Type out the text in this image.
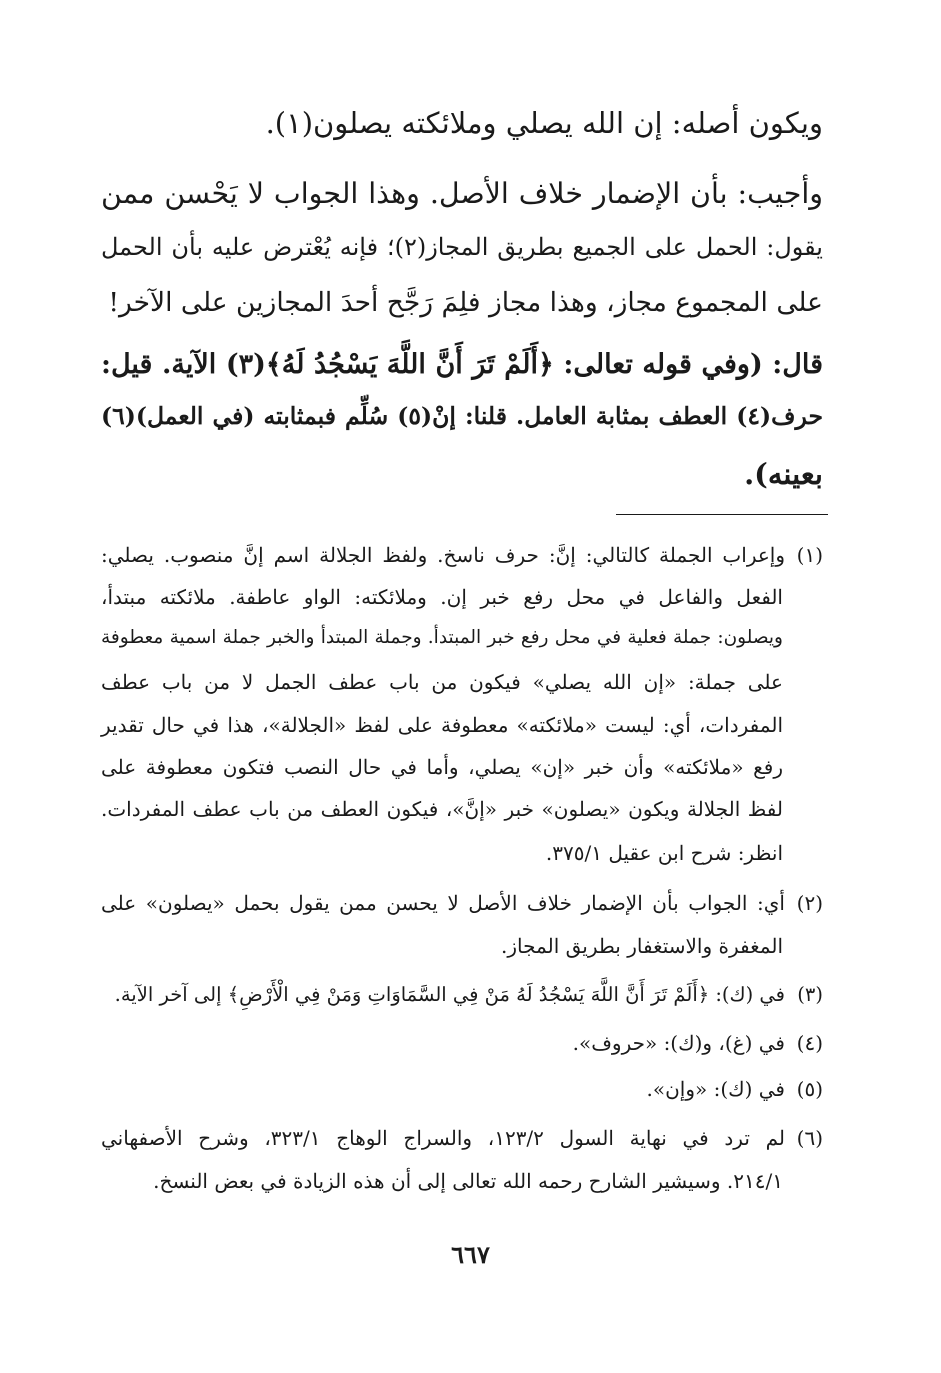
ويكون أصله: إن الله يصلي وملائكته يصلون(١).

وأجيب: بأن الإضمار خلاف الأصل. وهذا الجواب لا يَحْسن ممن

يقول: الحمل على الجميع بطريق المجاز(٢)؛ فإنه يُعْترض عليه بأن الحمل

على المجموع مجاز، وهذا مجاز فلِمَ رَجَّح أحدَ المجازين على الآخر!

قال: (وفي قوله تعالى: ﴿أَلَمْ تَرَ أَنَّ اللَّهَ يَسْجُدُ لَهُ﴾(٣) الآية. قيل:

حرف(٤) العطف بمثابة العامل. قلنا: إنْ(٥) سُلِّم فبمثابته (في العمل)(٦)

بعينه).

(١)وإعراب الجملة كالتالي: إنَّ: حرف ناسخ. ولفظ الجلالة اسم إنَّ منصوب. يصلي:

الفعل والفاعل في محل رفع خبر إن. وملائكته: الواو عاطفة. ملائكته مبتدأ،

ويصلون: جملة فعلية في محل رفع خبر المبتدأ. وجملة المبتدأ والخبر جملة اسمية معطوفة

على جملة: «إن الله يصلي» فيكون من باب عطف الجمل لا من باب عطف

المفردات، أي: ليست «ملائكته» معطوفة على لفظ «الجلالة»، هذا في حال تقدير

رفع «ملائكته» وأن خبر «إن» يصلي، وأما في حال النصب فتكون معطوفة على

لفظ الجلالة ويكون «يصلون» خبر «إنَّ»، فيكون العطف من باب عطف المفردات.

انظر: شرح ابن عقيل ٣٧٥/١.

(٢)أي: الجواب بأن الإضمار خلاف الأصل لا يحسن ممن يقول بحمل «يصلون» على

المغفرة والاستغفار بطريق المجاز.

(٣)في (ك): ﴿أَلَمْ تَرَ أَنَّ اللَّهَ يَسْجُدُ لَهُ مَنْ فِي السَّمَاوَاتِ وَمَنْ فِي الْأَرْضِ﴾ إلى آخر الآية.

(٤)في (غ)، و(ك): «حروف».

(٥)في (ك): «وإن».

(٦)لم ترد في نهاية السول ١٢٣/٢، والسراج الوهاج ٣٢٣/١، وشرح الأصفهاني

٢١٤/١. وسيشير الشارح رحمه الله تعالى إلى أن هذه الزيادة في بعض النسخ.

٦٦٧
